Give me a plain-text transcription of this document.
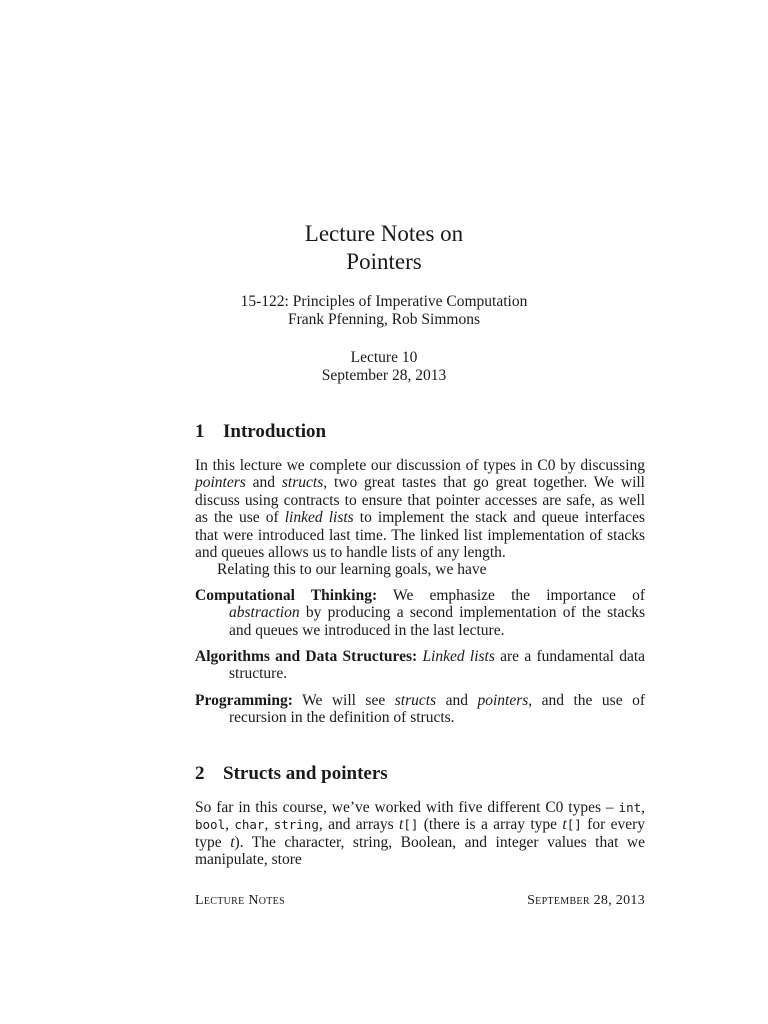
Lecture Notes on

Pointers

15-122: Principles of Imperative Computation
Frank Pfenning, Rob Simmons
Lecture 10
September 28, 2013
1 Introduction

In this lecture we complete our discussion of types in C0 by discussing pointers and structs, two great tastes that go great together. We will discuss using contracts to ensure that pointer accesses are safe, as well as the use of linked lists to implement the stack and queue interfaces that were introduced last time. The linked list implementation of stacks and queues allows us to handle lists of any length.

Relating this to our learning goals, we have

Computational Thinking: We emphasize the importance of abstraction by producing a second implementation of the stacks and queues we introduced in the last lecture.

Algorithms and Data Structures: Linked lists are a fundamental data structure.

Programming: We will see structs and pointers, and the use of recursion in the definition of structs.

2 Structs and pointers

So far in this course, we’ve worked with five different C0 types – int, bool, char, string, and arrays t[] (there is a array type t[] for every type t). The character, string, Boolean, and integer values that we manipulate, store

Lecture Notes	September 28, 2013
